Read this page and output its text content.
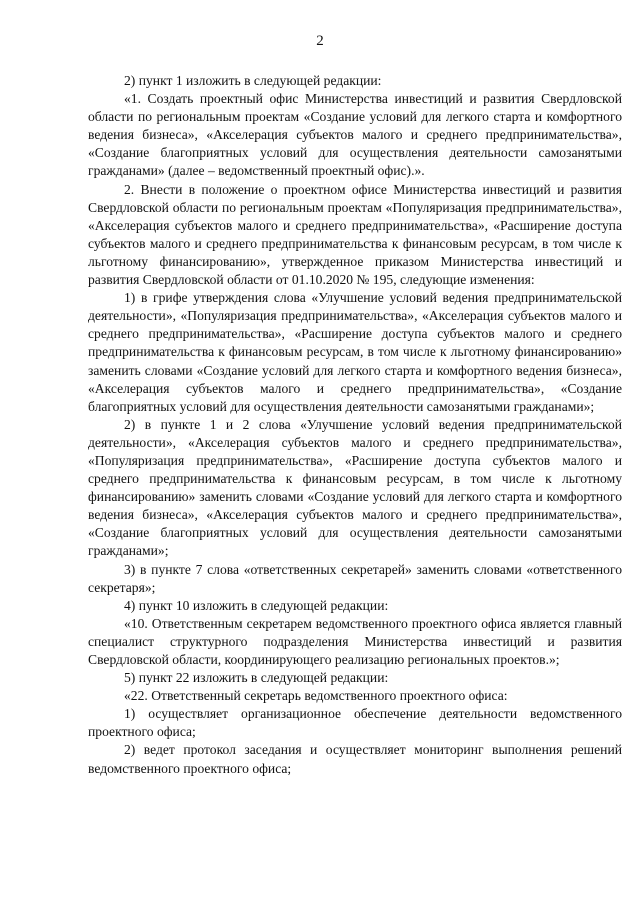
2

2) пункт 1 изложить в следующей редакции:

«1. Создать проектный офис Министерства инвестиций и развития Свердловской области по региональным проектам «Создание условий для легкого старта и комфортного ведения бизнеса», «Акселерация субъектов малого и среднего предпринимательства», «Создание благоприятных условий для осуществления деятельности самозанятыми гражданами» (далее – ведомственный проектный офис).».

2. Внести в положение о проектном офисе Министерства инвестиций и развития Свердловской области по региональным проектам «Популяризация предпринимательства», «Акселерация субъектов малого и среднего предпринимательства», «Расширение доступа субъектов малого и среднего предпринимательства к финансовым ресурсам, в том числе к льготному финансированию», утвержденное приказом Министерства инвестиций и развития Свердловской области от 01.10.2020 № 195, следующие изменения:

1) в грифе утверждения слова «Улучшение условий ведения предпринимательской деятельности», «Популяризация предпринимательства», «Акселерация субъектов малого и среднего предпринимательства», «Расширение доступа субъектов малого и среднего предпринимательства к финансовым ресурсам, в том числе к льготному финансированию» заменить словами «Создание условий для легкого старта и комфортного ведения бизнеса», «Акселерация субъектов малого и среднего предпринимательства», «Создание благоприятных условий для осуществления деятельности самозанятыми гражданами»;

2) в пункте 1 и 2 слова «Улучшение условий ведения предпринимательской деятельности», «Акселерация субъектов малого и среднего предпринимательства», «Популяризация предпринимательства», «Расширение доступа субъектов малого и среднего предпринимательства к финансовым ресурсам, в том числе к льготному финансированию» заменить словами «Создание условий для легкого старта и комфортного ведения бизнеса», «Акселерация субъектов малого и среднего предпринимательства», «Создание благоприятных условий для осуществления деятельности самозанятыми гражданами»;

3) в пункте 7 слова «ответственных секретарей» заменить словами «ответственного секретаря»;

4) пункт 10 изложить в следующей редакции:

«10. Ответственным секретарем ведомственного проектного офиса является главный специалист структурного подразделения Министерства инвестиций и развития Свердловской области, координирующего реализацию региональных проектов.»;

5) пункт 22 изложить в следующей редакции:

«22. Ответственный секретарь ведомственного проектного офиса:

1) осуществляет организационное обеспечение деятельности ведомственного проектного офиса;

2) ведет протокол заседания и осуществляет мониторинг выполнения решений ведомственного проектного офиса;
